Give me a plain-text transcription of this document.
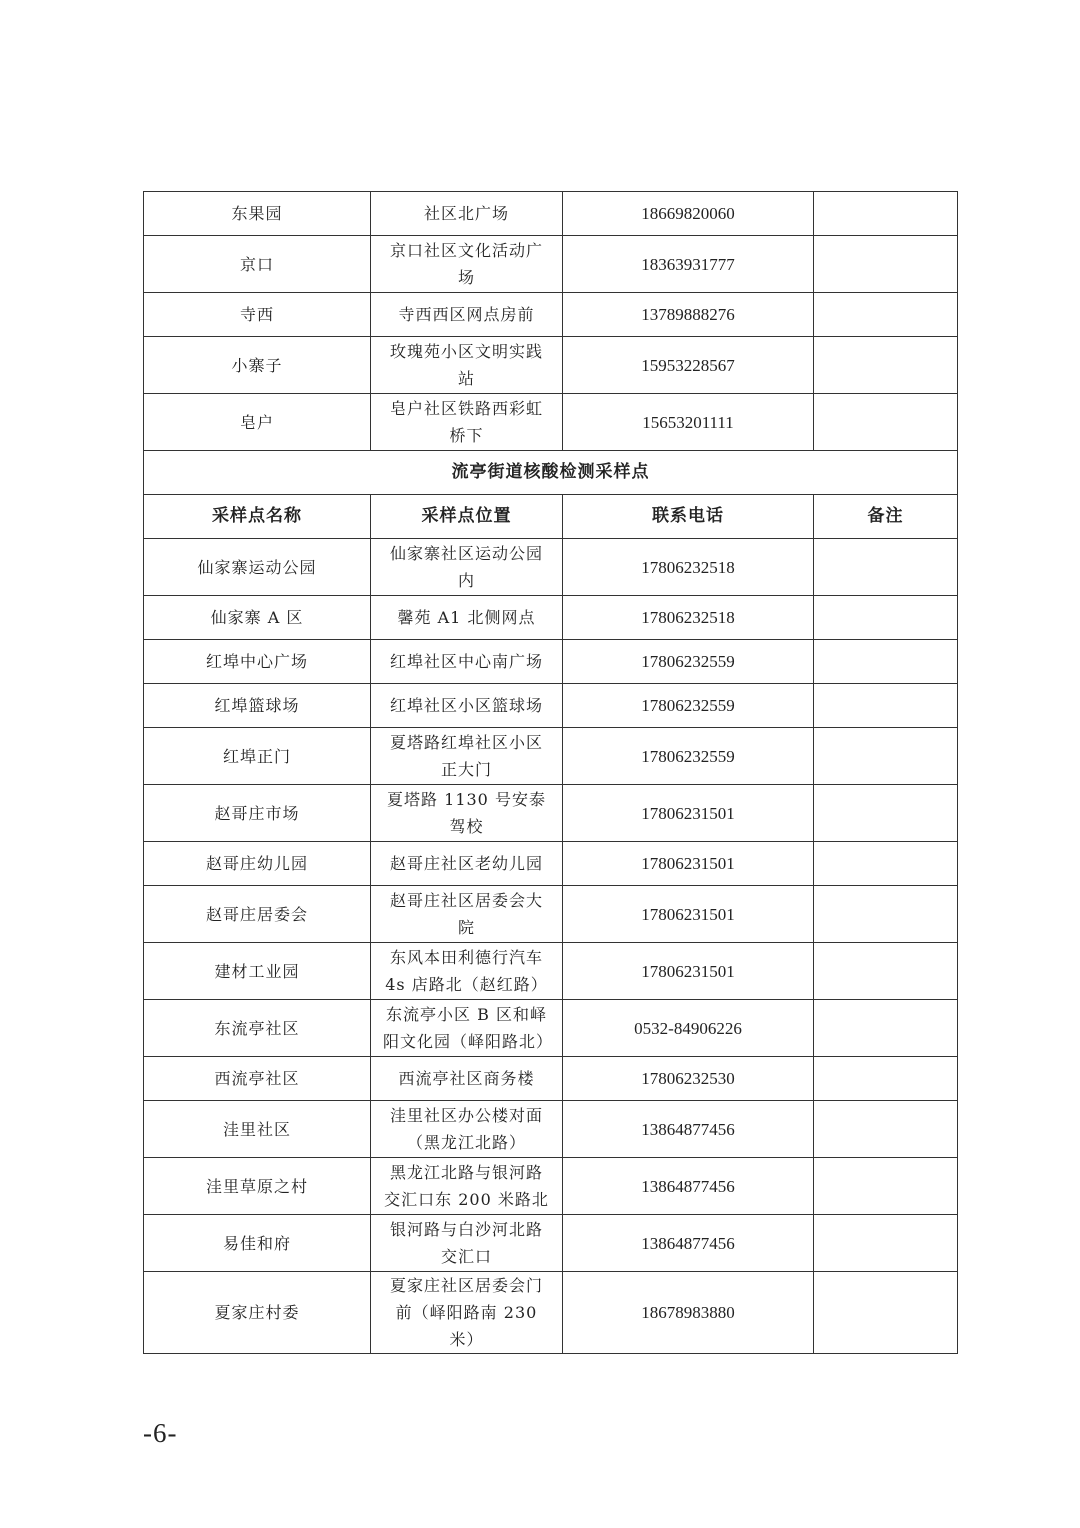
东果园	社区北广场	18669820060	
京口	京口社区文化活动广场	18363931777	
寺西	寺西西区网点房前	13789888276	
小寨子	玫瑰苑小区文明实践站	15953228567	
皂户	皂户社区铁路西彩虹桥下	15653201111	
流亭街道核酸检测采样点			
采样点名称	采样点位置	联系电话	备注
仙家寨运动公园	仙家寨社区运动公园内	17806232518	
仙家寨 A 区	馨苑 A1 北侧网点	17806232518	
红埠中心广场	红埠社区中心南广场	17806232559	
红埠篮球场	红埠社区小区篮球场	17806232559	
红埠正门	夏塔路红埠社区小区正大门	17806232559	
赵哥庄市场	夏塔路 1130 号安泰驾校	17806231501	
赵哥庄幼儿园	赵哥庄社区老幼儿园	17806231501	
赵哥庄居委会	赵哥庄社区居委会大院	17806231501	
建材工业园	东风本田利德行汽车4s 店路北（赵红路）	17806231501	
东流亭社区	东流亭小区 B 区和峄阳文化园（峄阳路北）	0532-84906226	
西流亭社区	西流亭社区商务楼	17806232530	
洼里社区	洼里社区办公楼对面（黑龙江北路）	13864877456	
洼里草原之村	黑龙江北路与银河路交汇口东 200 米路北	13864877456	
易佳和府	银河路与白沙河北路交汇口	13864877456	
夏家庄村委	夏家庄社区居委会门前（峄阳路南 230 米）	18678983880	
-6-
